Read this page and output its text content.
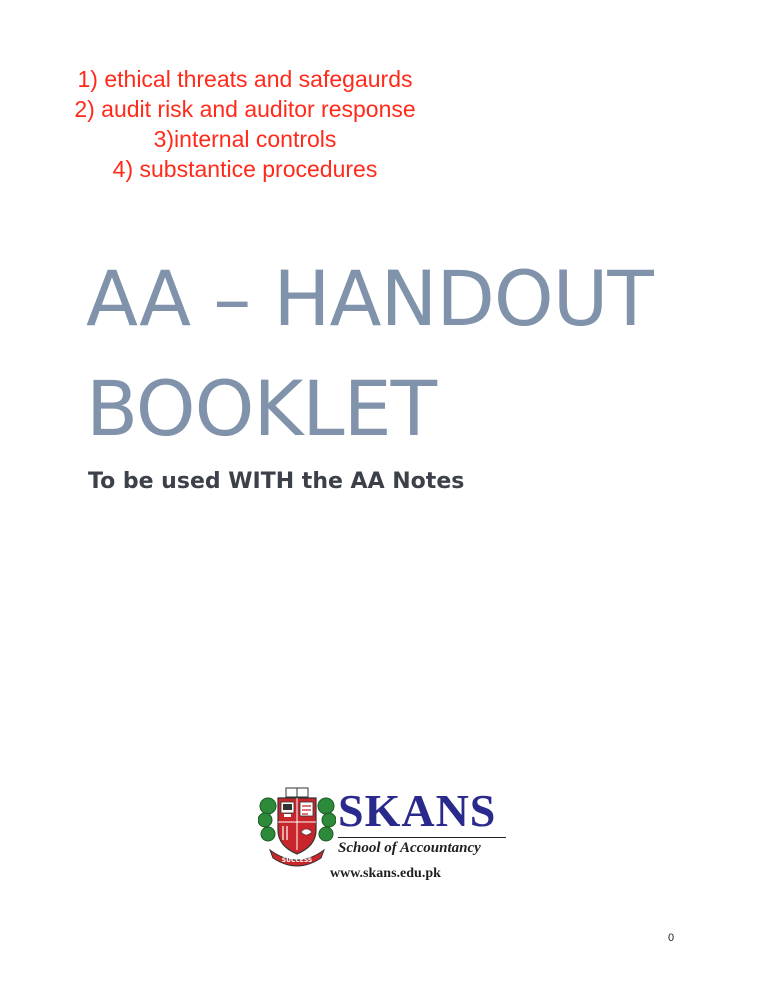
1) ethical threats and safegaurds
2) audit risk and auditor response
3)internal controls
4) substantice procedures
AA – HANDOUT
BOOKLET
To be used WITH the AA Notes
SUCCESS
SKANS
School of Accountancy
www.skans.edu.pk
0
